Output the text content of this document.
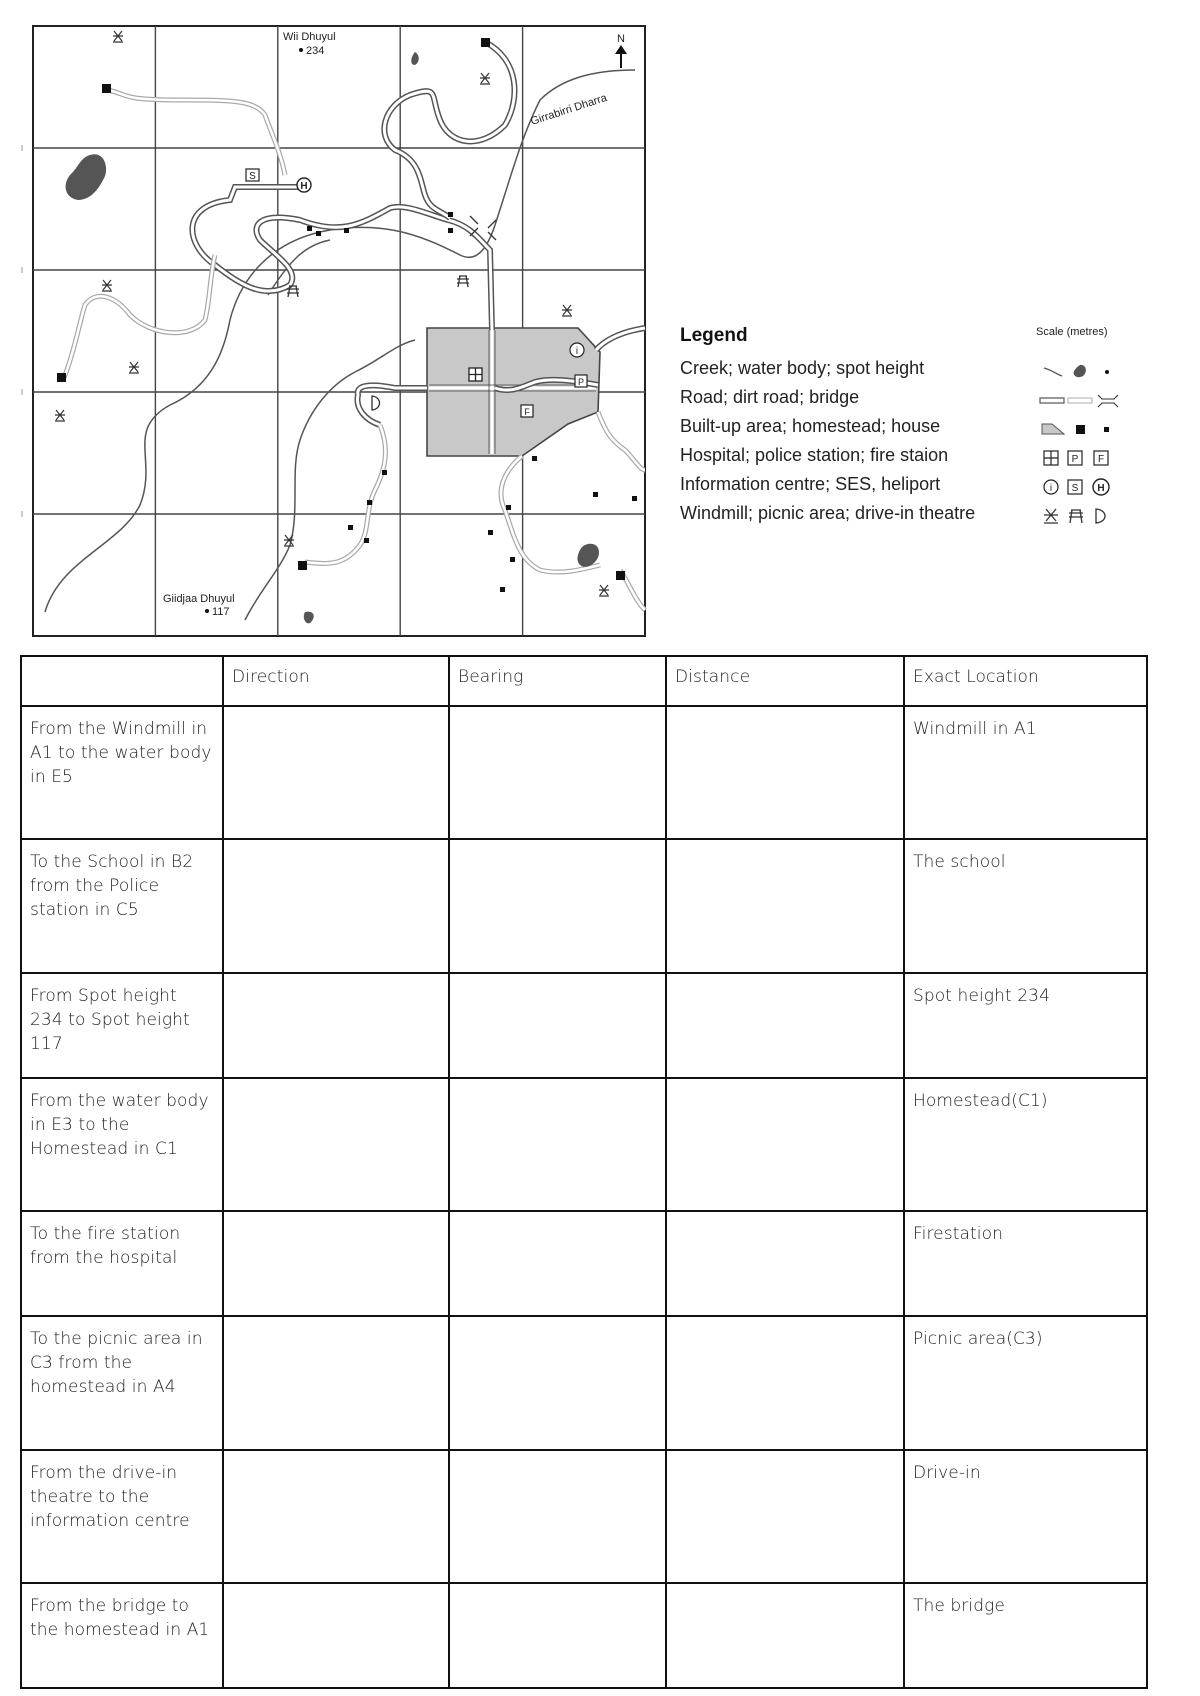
S
H
P
F
i
Wii Dhuyul
234
Giidjaa Dhuyul
117
Girrabirri Dharra
N
Legend	Scale (metres)
Creek; water body; spot height
Road; dirt road; bridge
Built-up area; homestead; house
Hospital; police station; fire staion	P F
Information centre; SES, heliport	i S H
Windmill; picnic area; drive-in theatre
	Direction	Bearing	Distance	Exact Location
From the Windmill in A1 to the water body in E5				Windmill in A1
To the School in B2 from the Police station in C5				The school
From Spot height 234 to Spot height 117				Spot height 234
From the water body in E3 to the Homestead in C1				Homestead(C1)
To the fire station from the hospital				Firestation
To the picnic area in C3 from the homestead in A4				Picnic area(C3)
From the drive-in theatre to the information centre				Drive-in
From the bridge to the homestead in A1				The bridge
